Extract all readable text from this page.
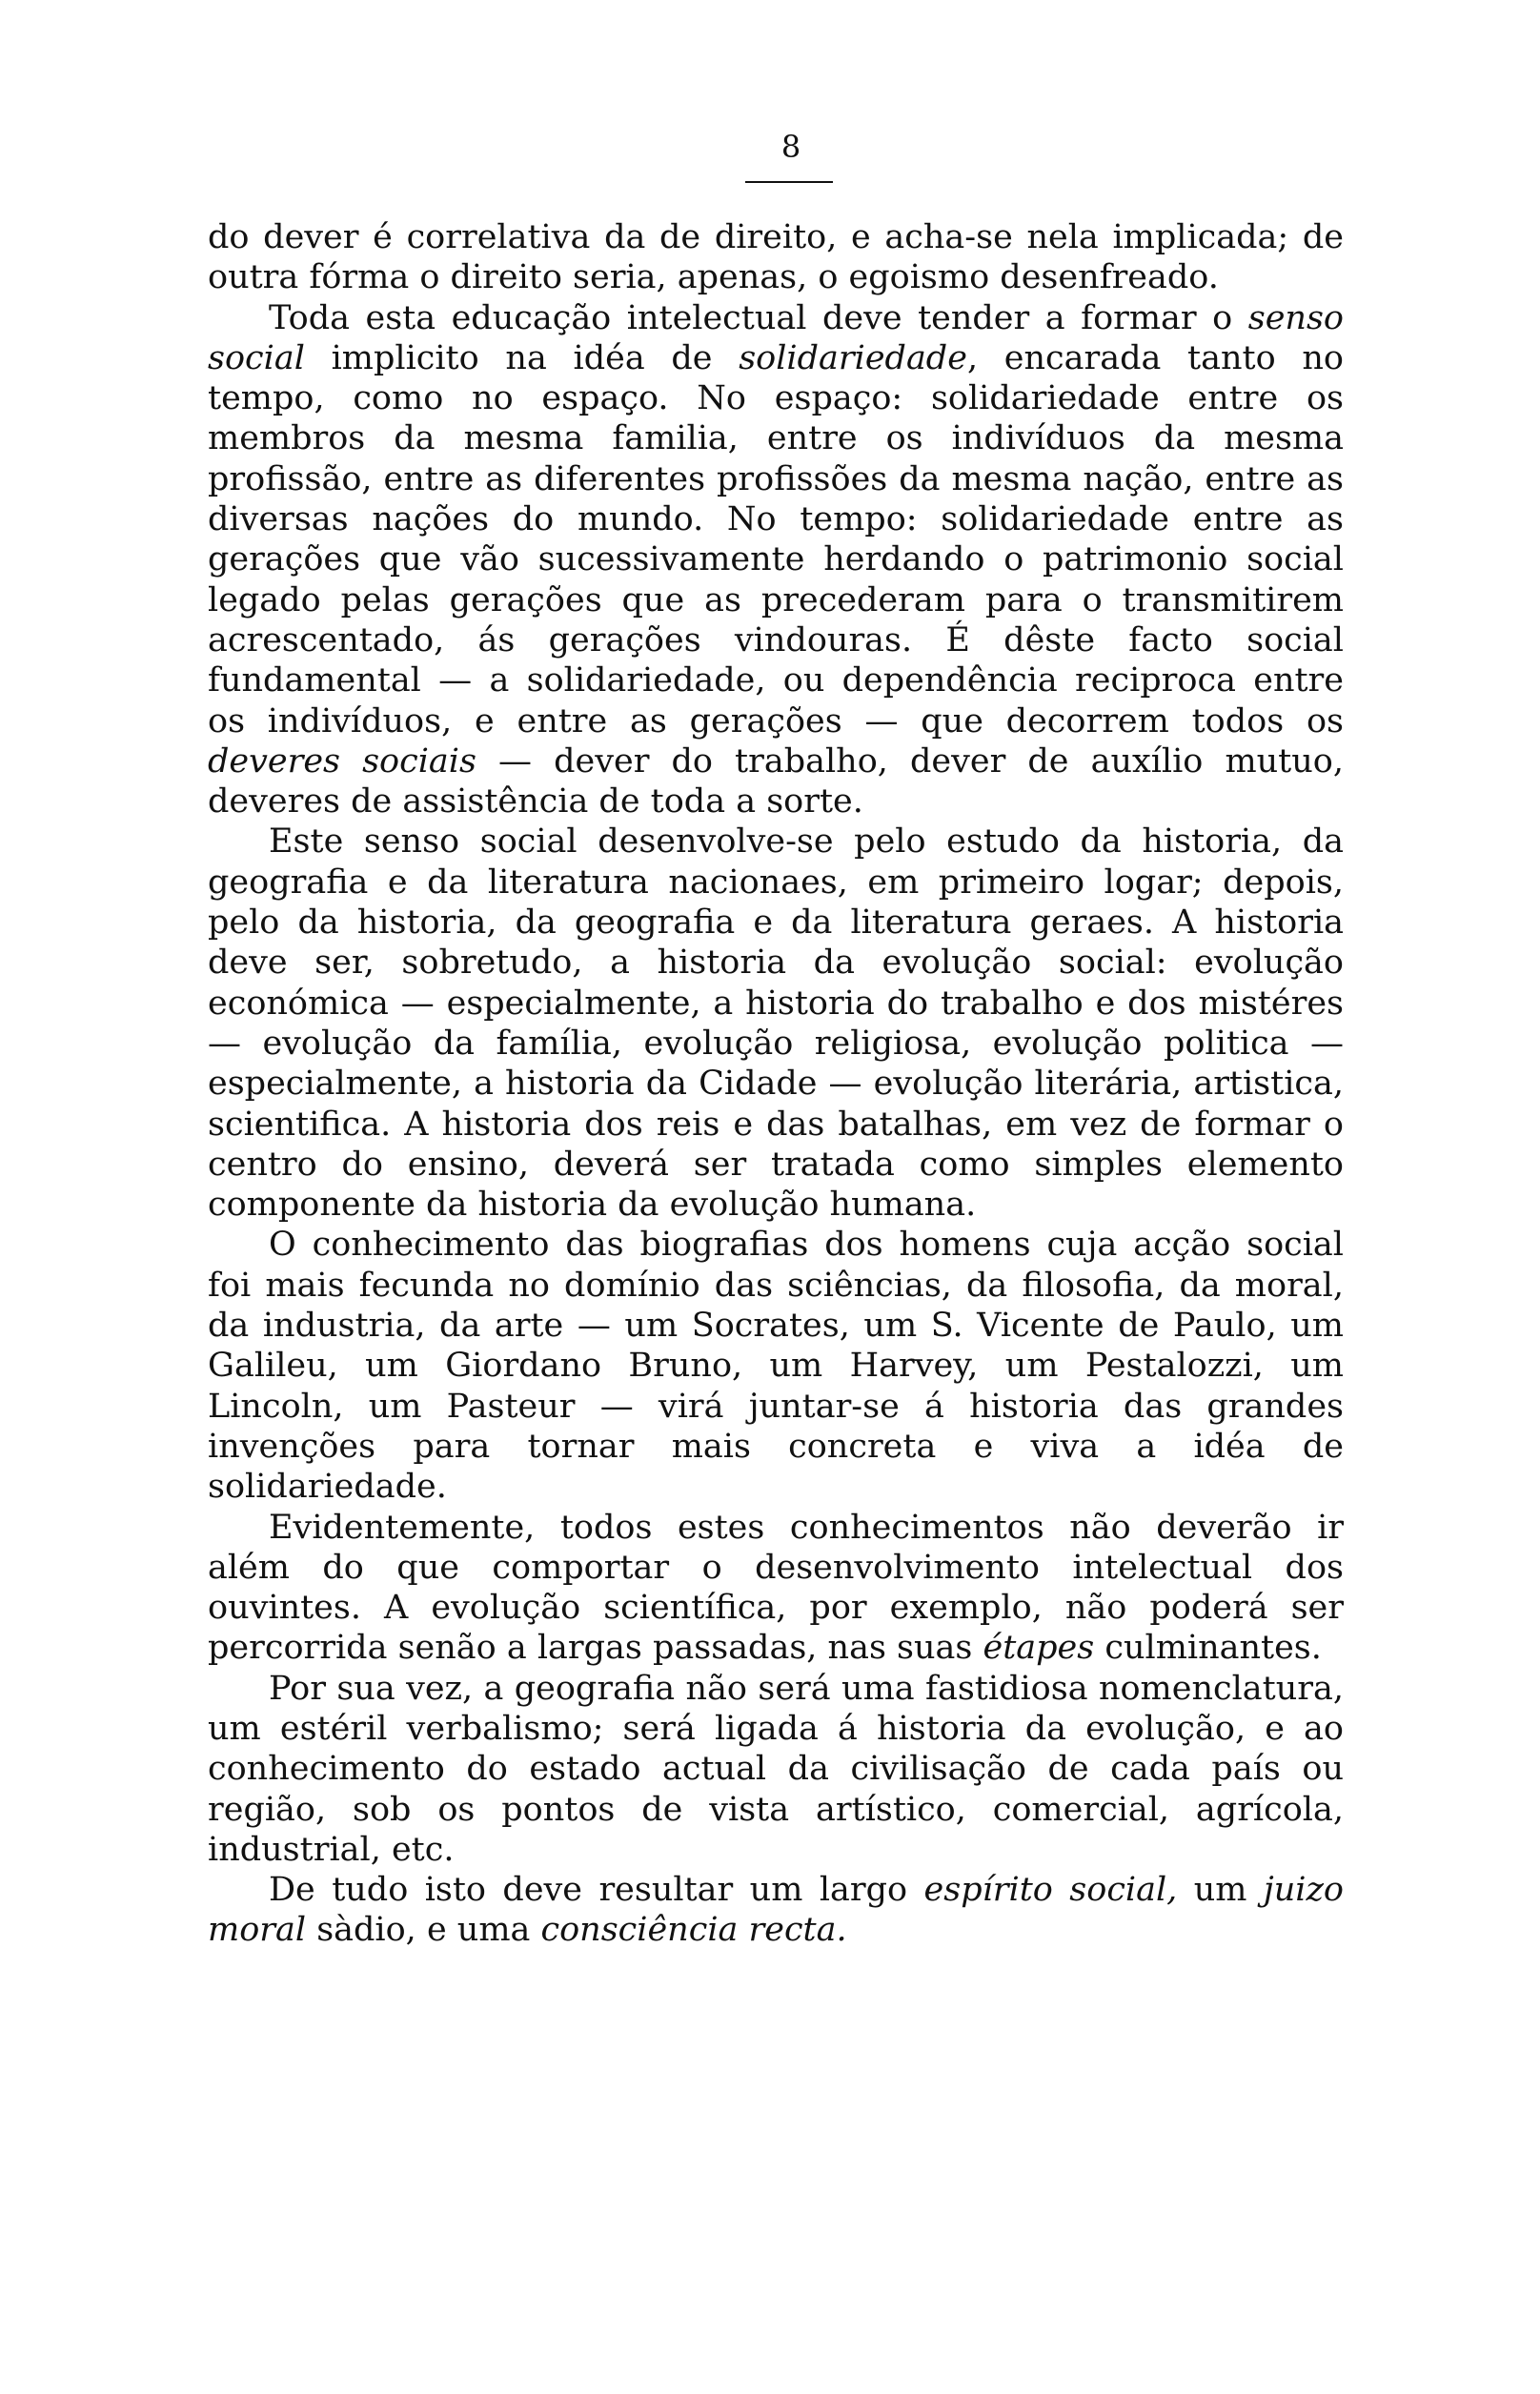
8

do dever é correlativa da de direito, e acha-se nela implicada; de outra fórma o direito seria, apenas, o egoismo desenfreado.

Toda esta educação intelectual deve tender a formar o senso social implicito na idéa de solidariedade, encarada tanto no tempo, como no espaço. No espaço: solidariedade entre os membros da mesma familia, entre os indivíduos da mesma profissão, entre as diferentes profissões da mesma nação, entre as diversas nações do mundo. No tempo: solidariedade entre as gerações que vão sucessivamente herdando o patrimonio social legado pelas gerações que as precederam para o transmitirem acrescentado, ás gerações vindouras. É dêste facto social fundamental — a solidariedade, ou dependência reciproca entre os indivíduos, e entre as gerações — que decorrem todos os deveres sociais — dever do trabalho, dever de auxílio mutuo, deveres de assistência de toda a sorte.

Este senso social desenvolve-se pelo estudo da historia, da geografia e da literatura nacionaes, em primeiro logar; depois, pelo da historia, da geografia e da literatura geraes. A historia deve ser, sobretudo, a historia da evolução social: evolução económica — especialmente, a historia do trabalho e dos mistéres — evolução da família, evolução religiosa, evolução politica — especialmente, a historia da Cidade — evolução literária, artistica, scientifica. A historia dos reis e das batalhas, em vez de formar o centro do ensino, deverá ser tratada como simples elemento componente da historia da evolução humana.

O conhecimento das biografias dos homens cuja acção social foi mais fecunda no domínio das sciências, da filosofia, da moral, da industria, da arte — um Socrates, um S. Vicente de Paulo, um Galileu, um Giordano Bruno, um Harvey, um Pestalozzi, um Lincoln, um Pasteur — virá juntar-se á historia das grandes invenções para tornar mais concreta e viva a idéa de solidariedade.

Evidentemente, todos estes conhecimentos não deverão ir além do que comportar o desenvolvimento intelectual dos ouvintes. A evolução scientífica, por exemplo, não poderá ser percorrida senão a largas passadas, nas suas étapes culminantes.

Por sua vez, a geografia não será uma fastidiosa nomenclatura, um estéril verbalismo; será ligada á historia da evolução, e ao conhecimento do estado actual da civilisação de cada país ou região, sob os pontos de vista artístico, comercial, agrícola, industrial, etc.

De tudo isto deve resultar um largo espírito social, um juizo moral sàdio, e uma consciência recta.
